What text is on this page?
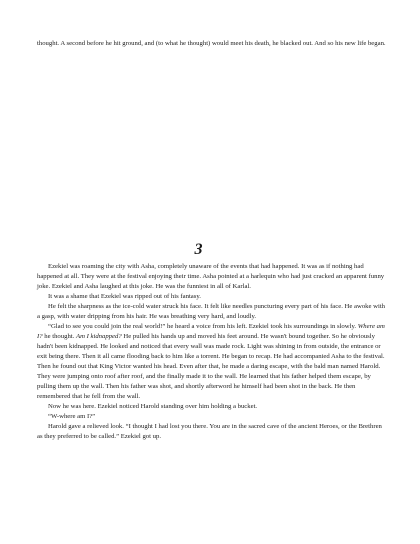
thought. A second before he hit ground, and (to what he thought) would meet his death, he blacked out. And so his new life began.

3

Ezekiel was roaming the city with Asha, completely unaware of the events that had happened. It was as if nothing had happened at all. They were at the festival enjoying their time. Asha pointed at a harlequin who had just cracked an apparent funny joke. Ezekiel and Asha laughed at this joke. He was the funniest in all of Karlal.

It was a shame that Ezekiel was ripped out of his fantasy.

He felt the sharpness as the ice-cold water struck his face. It felt like needles puncturing every part of his face. He awoke with a gasp, with water dripping from his hair. He was breathing very hard, and loudly.

“Glad to see you could join the real world!” he heard a voice from his left. Ezekiel took his surroundings in slowly. Where am I? he thought. Am I kidnapped? He pulled his hands up and moved his feet around. He wasn't bound together. So he obviously hadn't been kidnapped. He looked and noticed that every wall was made rock. Light was shining in from outside, the entrance or exit being there. Then it all came flooding back to him like a torrent. He began to recap. He had accompanied Asha to the festival. Then he found out that King Victor wanted his head. Even after that, he made a daring escape, with the bald man named Harold. They were jumping onto roof after roof, and the finally made it to the wall. He learned that his father helped them escape, by pulling them up the wall. Then his father was shot, and shortly afterword he himself had been shot in the back. He then remembered that he fell from the wall.

Now he was here. Ezekiel noticed Harold standing over him holding a bucket.

“W-where am I?”

Harold gave a relieved look. “I thought I had lost you there. You are in the sacred cave of the ancient Heroes, or the Brethren as they preferred to be called.” Ezekiel got up.
